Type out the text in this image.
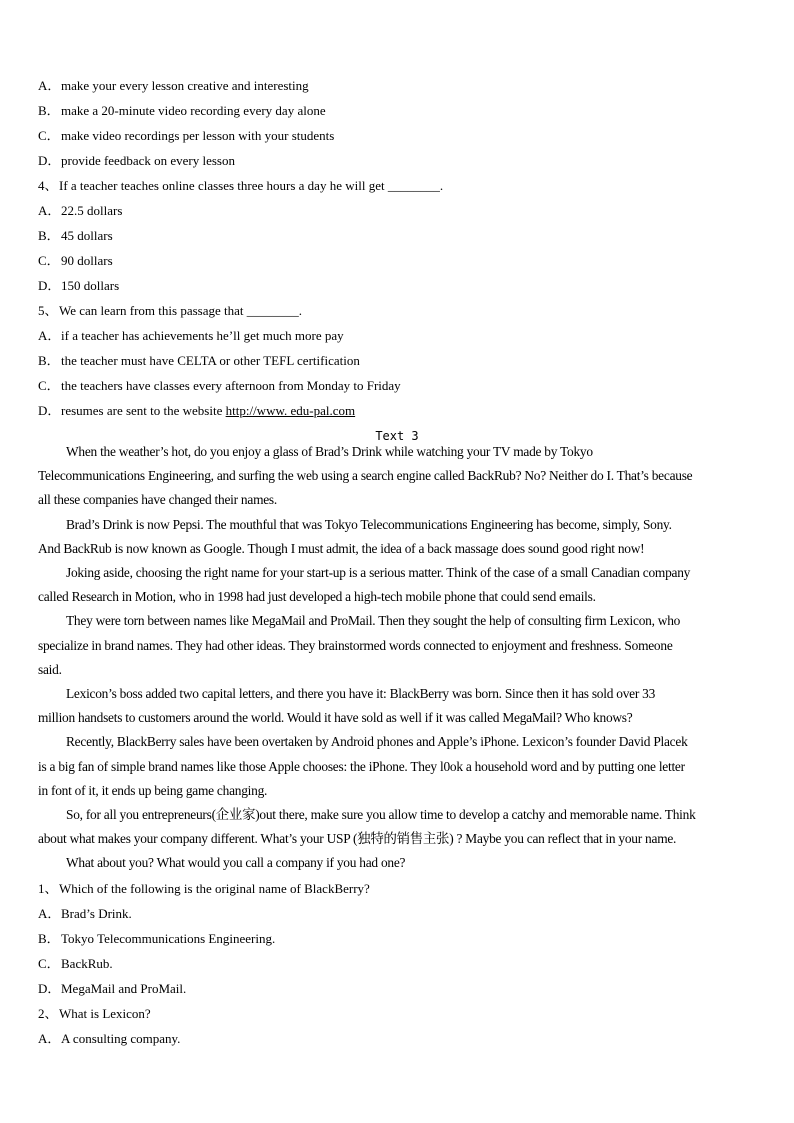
A．make your every lesson creative and interesting
B．make a 20-minute video recording every day alone
C．make video recordings per lesson with your students
D．provide feedback on every lesson
4、If a teacher teaches online classes three hours a day he will get ________.
A．22.5 dollars
B．45 dollars
C．90 dollars
D．150 dollars
5、We can learn from this passage that ________.
A．if a teacher has achievements he’ll get much more pay
B．the teacher must have CELTA or other TEFL certification
C．the teachers have classes every afternoon from Monday to Friday
D．resumes are sent to the website http://www. edu-pal.com
Text 3
When the weather’s hot, do you enjoy a glass of Brad’s Drink while watching your TV made by Tokyo
Telecommunications Engineering, and surfing the web using a search engine called BackRub? No? Neither do I. That’s because
all these companies have changed their names.
Brad’s Drink is now Pepsi. The mouthful that was Tokyo Telecommunications Engineering has become, simply, Sony.
And BackRub is now known as Google. Though I must admit, the idea of a back massage does sound good right now!
Joking aside, choosing the right name for your start-up is a serious matter. Think of the case of a small Canadian company
called Research in Motion, who in 1998 had just developed a high-tech mobile phone that could send emails.
They were torn between names like MegaMail and ProMail. Then they sought the help of consulting firm Lexicon, who
specialize in brand names. They had other ideas. They brainstormed words connected to enjoyment and freshness. Someone
said.
Lexicon’s boss added two capital letters, and there you have it: BlackBerry was born. Since then it has sold over 33
million handsets to customers around the world. Would it have sold as well if it was called MegaMail? Who knows?
Recently, BlackBerry sales have been overtaken by Android phones and Apple’s iPhone. Lexicon’s founder David Placek
is a big fan of simple brand names like those Apple chooses: the iPhone. They l0ok a household word and by putting one letter
in font of it, it ends up being game changing.
So, for all you entrepreneurs(企业家)out there, make sure you allow time to develop a catchy and memorable name. Think
about what makes your company different. What’s your USP (独特的销售主张) ? Maybe you can reflect that in your name.
What about you? What would you call a company if you had one?
1、Which of the following is the original name of BlackBerry?
A．Brad’s Drink.
B．Tokyo Telecommunications Engineering.
C．BackRub.
D．MegaMail and ProMail.
2、What is Lexicon?
A．A consulting company.
